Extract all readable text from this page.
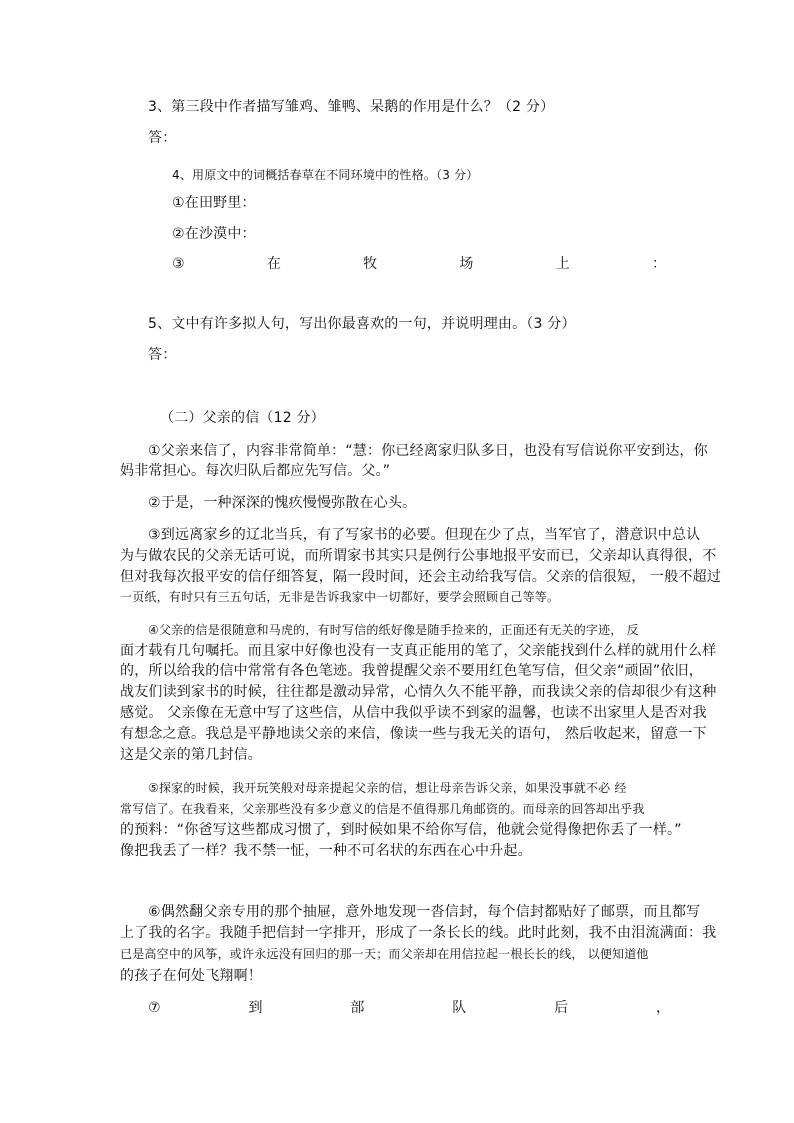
3、第三段中作者描写雏鸡、雏鸭、呆鹅的作用是什么？（2 分）
答：
4、用原文中的词概括春草在不同环境中的性格。（3 分）
①在田野里：
②在沙漠中：
③	在	牧	场	上	：
5、文中有许多拟人句，写出你最喜欢的一句，并说明理由。（3 分）
答：
（二）父亲的信（12 分）
①父亲来信了，内容非常简单：“慧：你已经离家归队多日，也没有写信说你平安到达，你
妈非常担心。每次归队后都应先写信。父。”
②于是，一种深深的愧疚慢慢弥散在心头。
③到远离家乡的辽北当兵，有了写家书的必要。但现在少了点，当军官了，潜意识中总认
为与做农民的父亲无话可说，而所谓家书其实只是例行公事地报平安而已，父亲却认真得很，不
但对我每次报平安的信仔细答复，隔一段时间，还会主动给我写信。父亲的信很短， 一般不超过
一页纸，有时只有三五句话，无非是告诉我家中一切都好，要学会照顾自己等等。
④父亲的信是很随意和马虎的，有时写信的纸好像是随手捡来的，正面还有无关的字迹， 反
面才载有几句嘱托。而且家中好像也没有一支真正能用的笔了，父亲能找到什么样的就用什么样
的，所以给我的信中常常有各色笔迹。我曾提醒父亲不要用红色笔写信，但父亲“顽固”依旧，
战友们读到家书的时候，往往都是激动异常，心情久久不能平静，而我读父亲的信却很少有这种
感觉。 父亲像在无意中写了这些信，从信中我似乎读不到家的温馨，也读不出家里人是否对我
有想念之意。我总是平静地读父亲的来信，像读一些与我无关的语句， 然后收起来，留意一下
这是父亲的第几封信。
⑤探家的时候，我开玩笑般对母亲提起父亲的信，想让母亲告诉父亲，如果没事就不必 经
常写信了。在我看来，父亲那些没有多少意义的信是不值得那几角邮资的。而母亲的回答却出乎我
的预料：“你爸写这些都成习惯了，到时候如果不给你写信，他就会觉得像把你丢了一样。”
像把我丢了一样？我不禁一怔，一种不可名状的东西在心中升起。
⑥偶然翻父亲专用的那个抽屉，意外地发现一沓信封，每个信封都贴好了邮票，而且都写
上了我的名字。我随手把信封一字排开，形成了一条长长的线。此时此刻，我不由泪流满面：我
已是高空中的风筝，或许永远没有回归的那一天；而父亲却在用信拉起一根长长的线， 以便知道他
的孩子在何处飞翔啊！
⑦	到	部	队	后	，
